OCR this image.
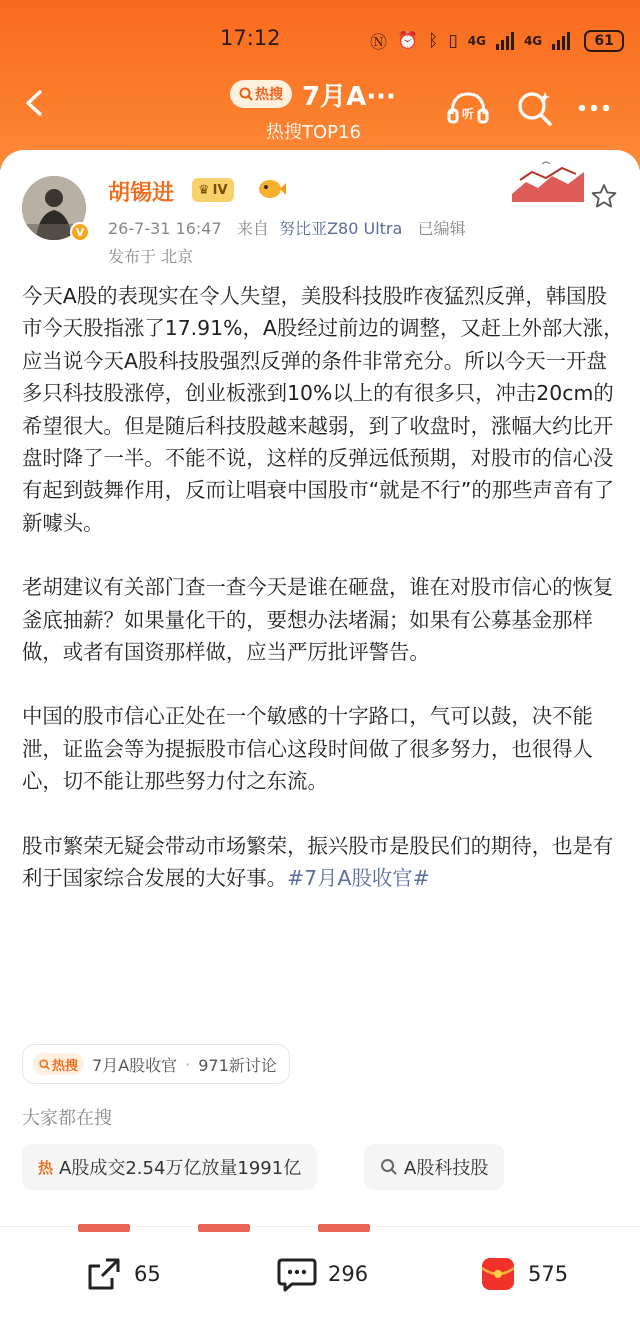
17:12	Ⓝ ⏰ ᛒ ▯ 4G	4G	61
热搜 7月A···
热搜TOP16
听
V
胡锡进 ♛ IV
26-7-31 16:47 来自 努比亚Z80 Ultra 已编辑
发布于 北京

今天A股的表现实在令人失望，美股科技股昨夜猛烈反弹，韩国股市今天股指涨了17.91%，A股经过前边的调整，又赶上外部大涨，应当说今天A股科技股强烈反弹的条件非常充分。所以今天一开盘多只科技股涨停，创业板涨到10%以上的有很多只，冲击20cm的希望很大。但是随后科技股越来越弱，到了收盘时，涨幅大约比开盘时降了一半。不能不说，这样的反弹远低预期，对股市的信心没有起到鼓舞作用，反而让唱衰中国股市“就是不行”的那些声音有了新噱头。

老胡建议有关部门查一查今天是谁在砸盘，谁在对股市信心的恢复釜底抽薪？如果量化干的，要想办法堵漏；如果有公募基金那样做，或者有国资那样做，应当严厉批评警告。

中国的股市信心正处在一个敏感的十字路口，气可以鼓，决不能泄，证监会等为提振股市信心这段时间做了很多努力，也很得人心，切不能让那些努力付之东流。

股市繁荣无疑会带动市场繁荣，振兴股市是股民们的期待，也是有利于国家综合发展的大好事。#7月A股收官#

热搜 7月A股收官 · 971新讨论
大家都在搜
热 A股成交2.54万亿放量1991亿	A股科技股
65	296	575
